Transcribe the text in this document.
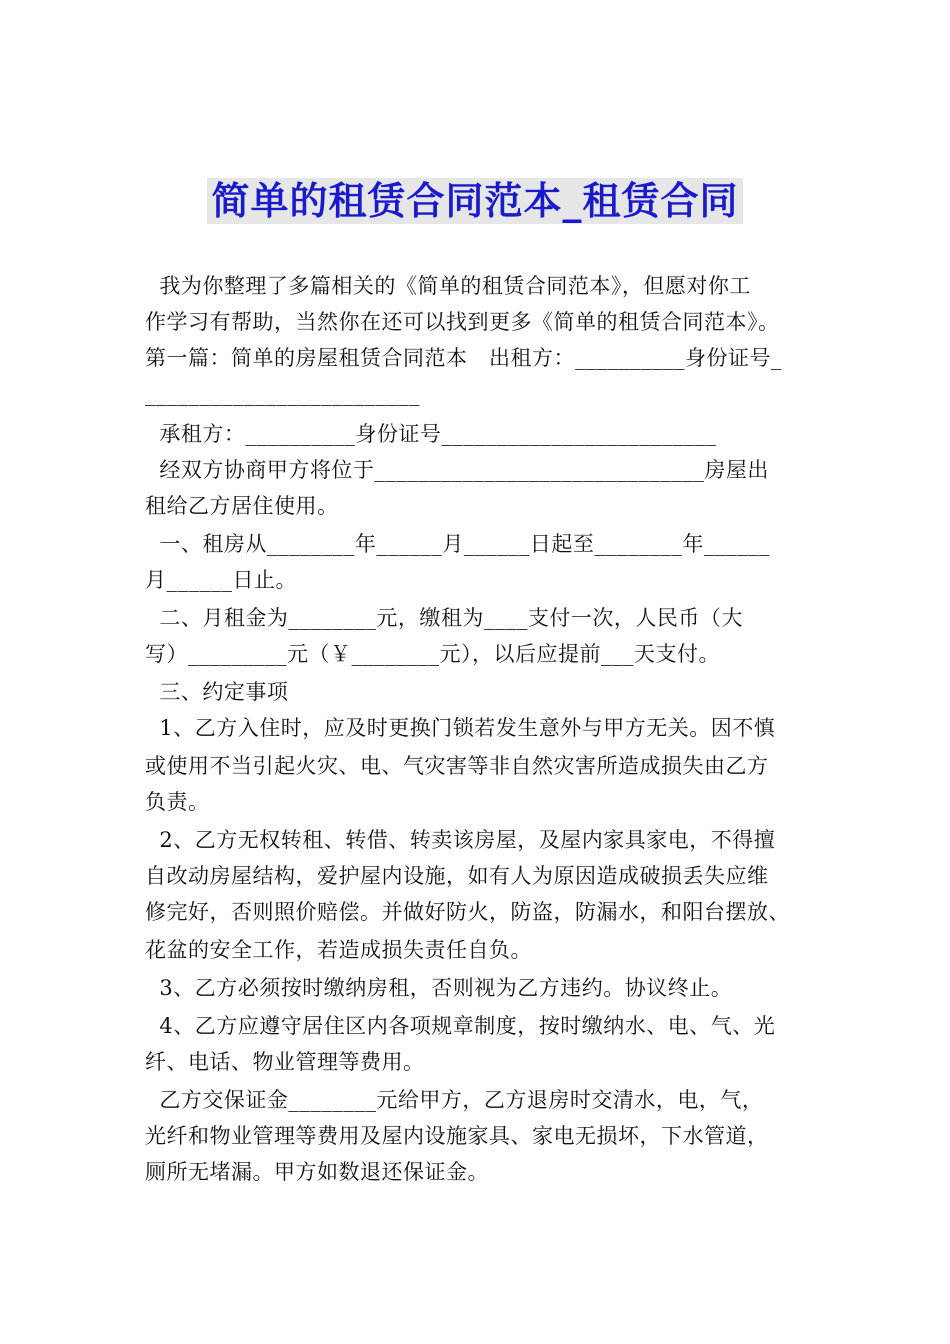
简单的租赁合同范本_租赁合同
我为你整理了多篇相关的《简单的租赁合同范本》，但愿对你工
作学习有帮助，当然你在还可以找到更多《简单的租赁合同范本》。
第一篇：简单的房屋租赁合同范本   出租方：__________身份证号_
_________________________
承租方：__________身份证号_________________________
经双方协商甲方将位于______________________________房屋出
租给乙方居住使用。
一、租房从________年______月______日起至________年______
月______日止。
二、月租金为________元，缴租为____支付一次，人民币（大
写）_________元（￥________元），以后应提前___天支付。
三、约定事项
1、乙方入住时，应及时更换门锁若发生意外与甲方无关。因不慎
或使用不当引起火灾、电、气灾害等非自然灾害所造成损失由乙方
负责。
2、乙方无权转租、转借、转卖该房屋，及屋内家具家电，不得擅
自改动房屋结构，爱护屋内设施，如有人为原因造成破损丢失应维
修完好，否则照价赔偿。并做好防火，防盗，防漏水，和阳台摆放、
花盆的安全工作，若造成损失责任自负。
3、乙方必须按时缴纳房租，否则视为乙方违约。协议终止。
4、乙方应遵守居住区内各项规章制度，按时缴纳水、电、气、光
纤、电话、物业管理等费用。
乙方交保证金________元给甲方，乙方退房时交清水，电，气，
光纤和物业管理等费用及屋内设施家具、家电无损坏，下水管道，
厕所无堵漏。甲方如数退还保证金。
